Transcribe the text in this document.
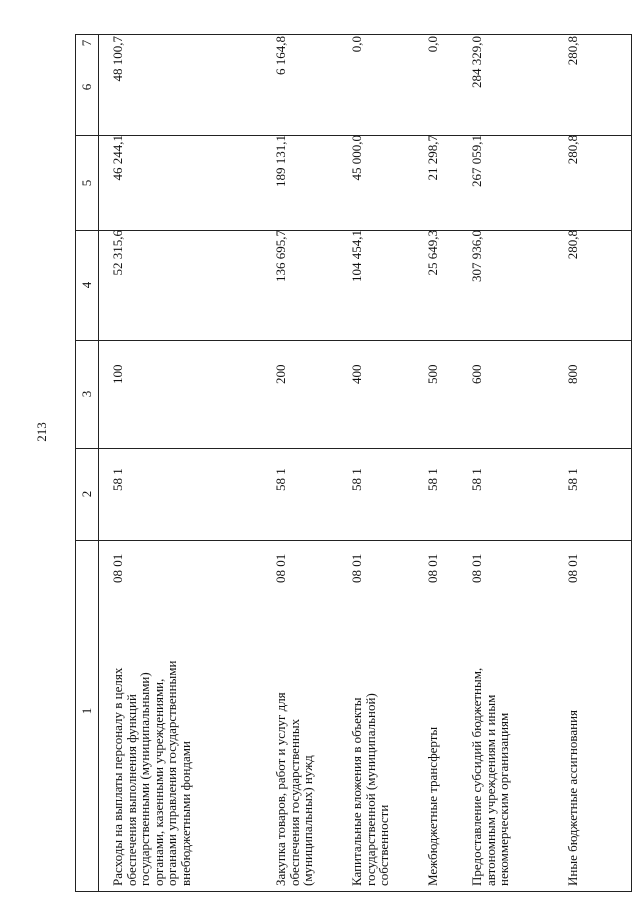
213
1
2
3
4
5
6
7
Расходы на выплаты персоналу в целях обеспечения выполнения функций государственными (муниципальными) органами, казенными учреждениями, органами управления государственными внебюджетными фондами
08 01
58 1
100
52 315,6
46 244,1
48 100,7
Закупка товаров, работ и услуг для обеспечения государственных (муниципальных) нужд
08 01
58 1
200
136 695,7
189 131,1
6 164,8
Капитальные вложения в объекты государственной (муниципальной) собственности
08 01
58 1
400
104 454,1
45 000,0
0,0
Межбюджетные трансферты
08 01
58 1
500
25 649,3
21 298,7
0,0
Предоставление субсидий бюджетным, автономным учреждениям и иным некоммерческим организациям
08 01
58 1
600
307 936,0
267 059,1
284 329,0
Иные бюджетные ассигнования
08 01
58 1
800
280,8
280,8
280,8
